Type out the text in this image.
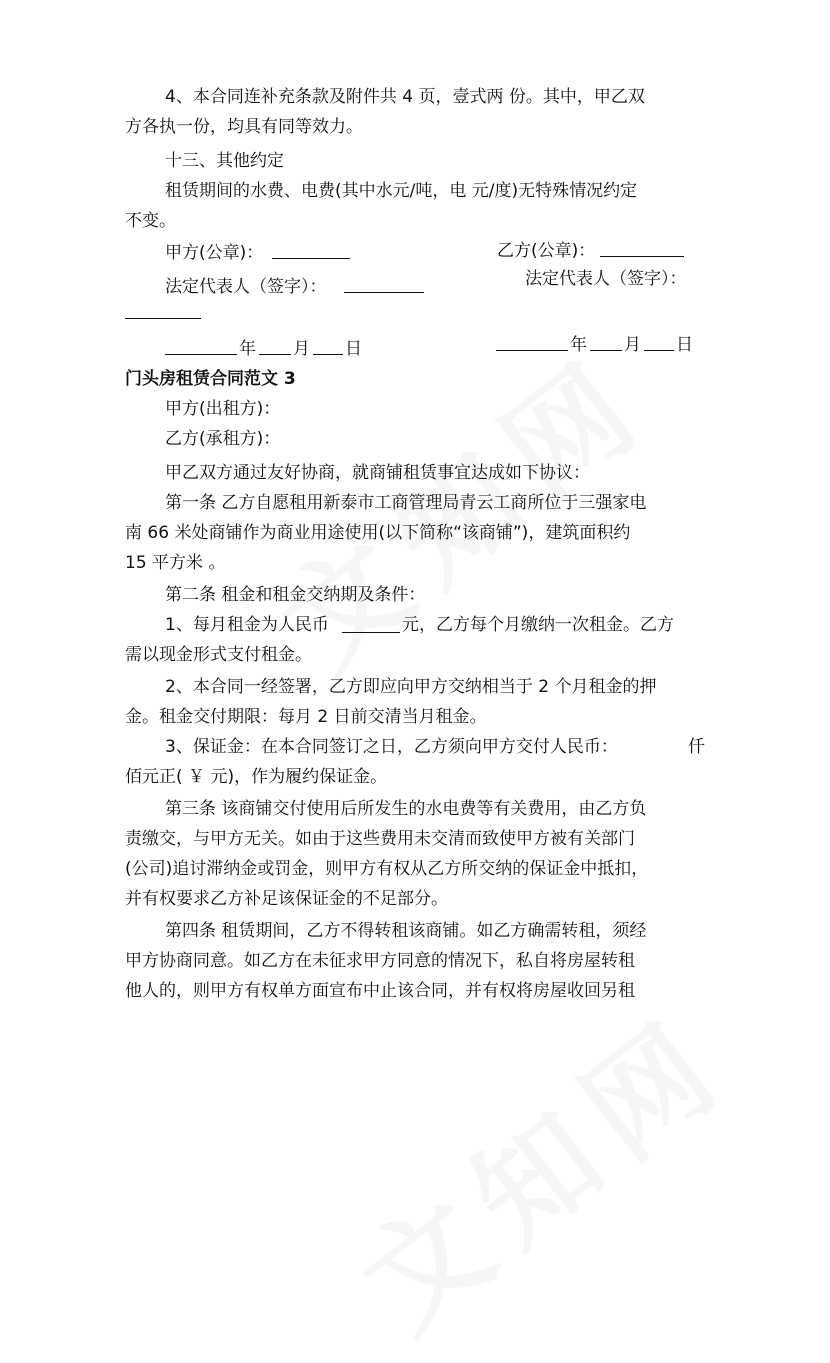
4、本合同连补充条款及附件共 4 页，壹式两 份。其中，甲乙双
方各执一份，均具有同等效力。
十三、其他约定
租赁期间的水费、电费(其中水元/吨，电 元/度)无特殊情况约定
不变。
甲方(公章)：	乙方(公章)：
法定代表人（签字）：	法定代表人（签字）：
年 月 日	年 月 日
门头房租赁合同范文 3
甲方(出租方)：
乙方(承租方)：
甲乙双方通过友好协商，就商铺租赁事宜达成如下协议：
第一条 乙方自愿租用新泰市工商管理局青云工商所位于三强家电
南 66 米处商铺作为商业用途使用(以下简称“该商铺”)，建筑面积约
15 平方米 。
第二条 租金和租金交纳期及条件：
1、每月租金为人民币	元，乙方每个月缴纳一次租金。乙方
需以现金形式支付租金。
2、本合同一经签署，乙方即应向甲方交纳相当于 2 个月租金的押
金。租金交付期限：每月 2 日前交清当月租金。
3、保证金：在本合同签订之日，乙方须向甲方交付人民币：	仟
佰元正( ￥ 元)，作为履约保证金。
第三条 该商铺交付使用后所发生的水电费等有关费用，由乙方负
责缴交，与甲方无关。如由于这些费用未交清而致使甲方被有关部门
(公司)追讨滞纳金或罚金，则甲方有权从乙方所交纳的保证金中抵扣，
并有权要求乙方补足该保证金的不足部分。
第四条 租赁期间，乙方不得转租该商铺。如乙方确需转租，须经
甲方协商同意。如乙方在未征求甲方同意的情况下，私自将房屋转租
他人的，则甲方有权单方面宣布中止该合同，并有权将房屋收回另租
